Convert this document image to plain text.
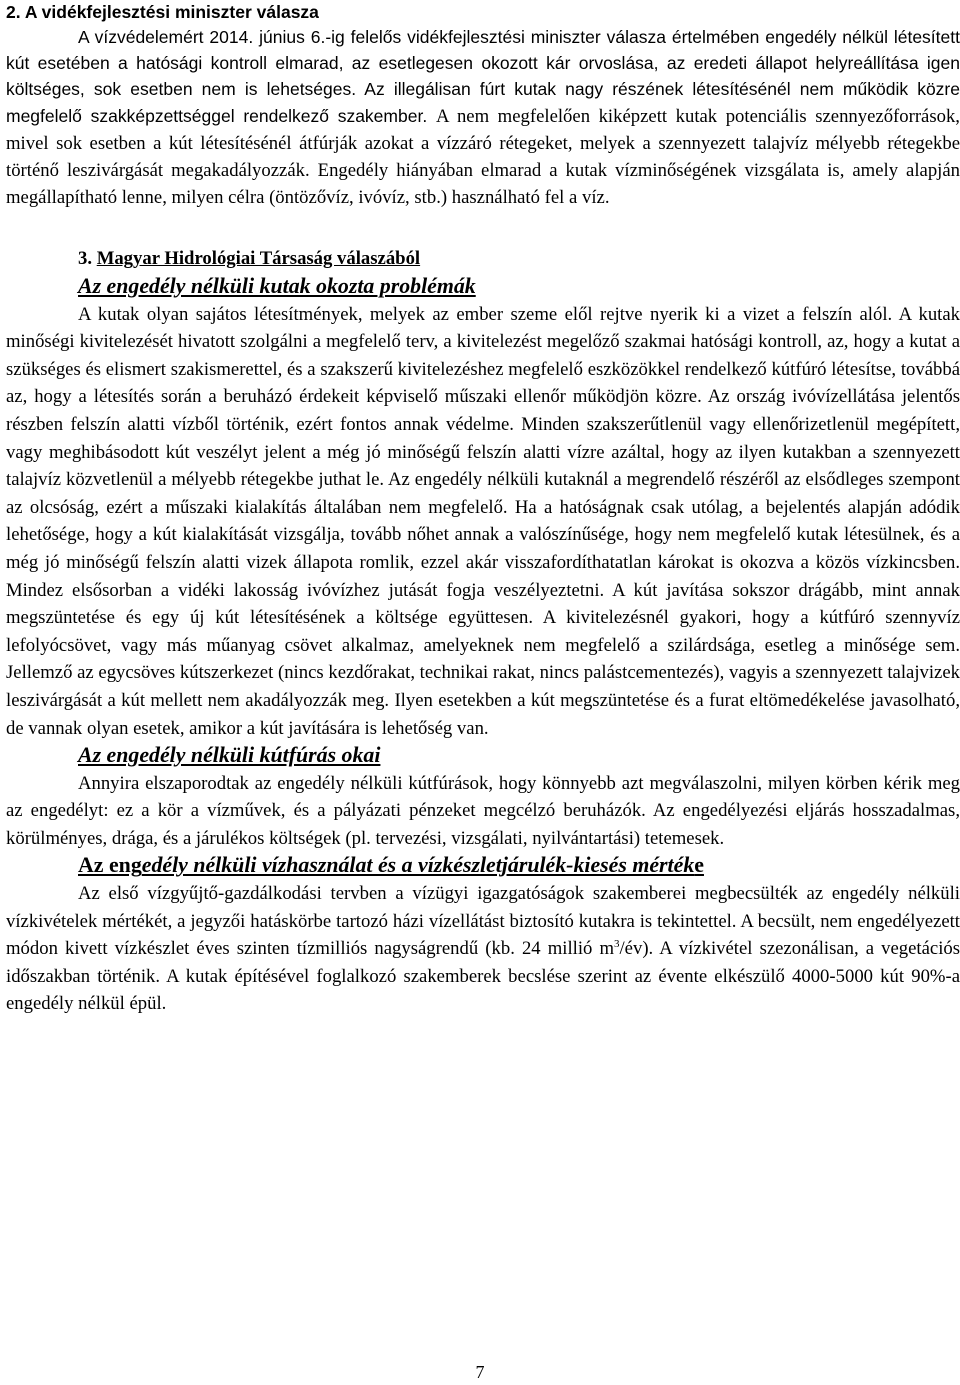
2. A vidékfejlesztési miniszter válasza

A vízvédelemért 2014. június 6.-ig felelős vidékfejlesztési miniszter válasza értelmében engedély nélkül létesített kút esetében a hatósági kontroll elmarad, az esetlegesen okozott kár orvoslása, az eredeti állapot helyreállítása igen költséges, sok esetben nem is lehetséges. Az illegálisan fúrt kutak nagy részének létesítésénél nem működik közre megfelelő szakképzettséggel rendelkező szakember. A nem megfelelően kiképzett kutak potenciális szennyezőforrások, mivel sok esetben a kút létesítésénél átfúrják azokat a vízzáró rétegeket, melyek a szennyezett talajvíz mélyebb rétegekbe történő leszivárgását megakadályozzák. Engedély hiányában elmarad a kutak vízminőségének vizsgálata is, amely alapján megállapítható lenne, milyen célra (öntözővíz, ivóvíz, stb.) használható fel a víz.

3. Magyar Hidrológiai Társaság válaszából
Az engedély nélküli kutak okozta problémák

A kutak olyan sajátos létesítmények, melyek az ember szeme elől rejtve nyerik ki a vizet a felszín alól. A kutak minőségi kivitelezését hivatott szolgálni a megfelelő terv, a kivitelezést megelőző szakmai hatósági kontroll, az, hogy a kutat a szükséges és elismert szakismerettel, és a szakszerű kivitelezéshez megfelelő eszközökkel rendelkező kútfúró létesítse, továbbá az, hogy a létesítés során a beruházó érdekeit képviselő műszaki ellenőr működjön közre. Az ország ivóvízellátása jelentős részben felszín alatti vízből történik, ezért fontos annak védelme. Minden szakszerűtlenül vagy ellenőrizetlenül megépített, vagy meghibásodott kút veszélyt jelent a még jó minőségű felszín alatti vízre azáltal, hogy az ilyen kutakban a szennyezett talajvíz közvetlenül a mélyebb rétegekbe juthat le. Az engedély nélküli kutaknál a megrendelő részéről az elsődleges szempont az olcsóság, ezért a műszaki kialakítás általában nem megfelelő. Ha a hatóságnak csak utólag, a bejelentés alapján adódik lehetősége, hogy a kút kialakítását vizsgálja, tovább nőhet annak a valószínűsége, hogy nem megfelelő kutak létesülnek, és a még jó minőségű felszín alatti vizek állapota romlik, ezzel akár visszafordíthatatlan károkat is okozva a közös vízkincsben. Mindez elsősorban a vidéki lakosság ivóvízhez jutását fogja veszélyeztetni. A kút javítása sokszor drágább, mint annak megszüntetése és egy új kút létesítésének a költsége együttesen. A kivitelezésnél gyakori, hogy a kútfúró szennyvíz lefolyócsövet, vagy más műanyag csövet alkalmaz, amelyeknek nem megfelelő a szilárdsága, esetleg a minősége sem. Jellemző az egycsöves kútszerkezet (nincs kezdőrakat, technikai rakat, nincs palástcementezés), vagyis a szennyezett talajvizek leszivárgását a kút mellett nem akadályozzák meg. Ilyen esetekben a kút megszüntetése és a furat eltömedékelése javasolható, de vannak olyan esetek, amikor a kút javítására is lehetőség van.

Az engedély nélküli kútfúrás okai

Annyira elszaporodtak az engedély nélküli kútfúrások, hogy könnyebb azt megválaszolni, milyen körben kérik meg az engedélyt: ez a kör a vízművek, és a pályázati pénzeket megcélzó beruházók. Az engedélyezési eljárás hosszadalmas, körülményes, drága, és a járulékos költségek (pl. tervezési, vizsgálati, nyilvántartási) tetemesek.

Az engedély nélküli vízhasználat és a vízkészletjárulék-kiesés mértéke

Az első vízgyűjtő-gazdálkodási tervben a vízügyi igazgatóságok szakemberei megbecsülték az engedély nélküli vízkivételek mértékét, a jegyzői hatáskörbe tartozó házi vízellátást biztosító kutakra is tekintettel. A becsült, nem engedélyezett módon kivett vízkészlet éves szinten tízmilliós nagyságrendű (kb. 24 millió $m^3/év$). A vízkivétel szezonálisan, a vegetációs időszakban történik. A kutak építésével foglalkozó szakemberek becslése szerint az évente elkészülő 4000-5000 kút 90%-a engedély nélkül épül.

7
